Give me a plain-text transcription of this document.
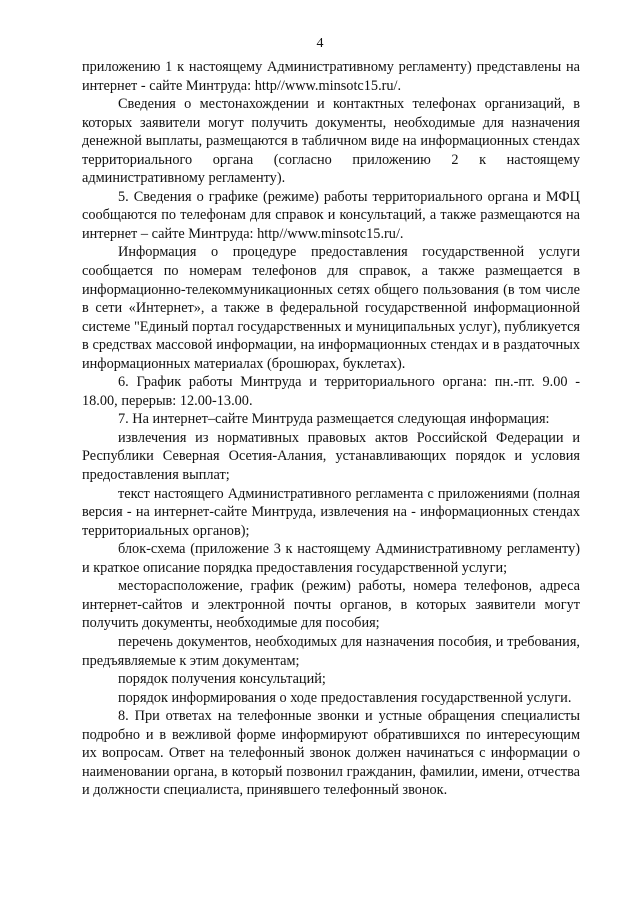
4

приложению 1 к настоящему Административному регламенту) представлены на интернет - сайте Минтруда: http//www.minsotc15.ru/.

Сведения о местонахождении и контактных телефонах организаций, в которых заявители могут получить документы, необходимые для назначения денежной выплаты, размещаются в табличном виде на информационных стендах территориального органа (согласно приложению 2 к настоящему административному регламенту).

5. Сведения о графике (режиме) работы территориального органа и МФЦ сообщаются по телефонам для справок и консультаций, а также размещаются на интернет – сайте Минтруда: http//www.minsotc15.ru/.

Информация о процедуре предоставления государственной услуги сообщается по номерам телефонов для справок, а также размещается в информационно-телекоммуникационных сетях общего пользования (в том числе в сети «Интернет», а также в федеральной государственной информационной системе "Единый портал государственных и муниципальных услуг), публикуется в средствах массовой информации, на информационных стендах и в раздаточных информационных материалах (брошюрах, буклетах).

6. График работы Минтруда и территориального органа: пн.-пт. 9.00 - 18.00, перерыв: 12.00-13.00.

7. На интернет–сайте Минтруда размещается следующая информация:

извлечения из нормативных правовых актов Российской Федерации и Республики Северная Осетия-Алания, устанавливающих порядок и условия предоставления выплат;

текст настоящего Административного регламента с приложениями (полная версия - на интернет-сайте Минтруда, извлечения на - информационных стендах территориальных органов);

блок-схема (приложение 3 к настоящему Административному регламенту) и краткое описание порядка предоставления государственной услуги;

месторасположение, график (режим) работы, номера телефонов, адреса интернет-сайтов и электронной почты органов, в которых заявители могут получить документы, необходимые для пособия;

перечень документов, необходимых для назначения пособия, и требования, предъявляемые к этим документам;

порядок получения консультаций;

порядок информирования о ходе предоставления государственной услуги.

8. При ответах на телефонные звонки и устные обращения специалисты подробно и в вежливой форме информируют обратившихся по интересующим их вопросам. Ответ на телефонный звонок должен начинаться с информации о наименовании органа, в который позвонил гражданин, фамилии, имени, отчества и должности специалиста, принявшего телефонный звонок.
